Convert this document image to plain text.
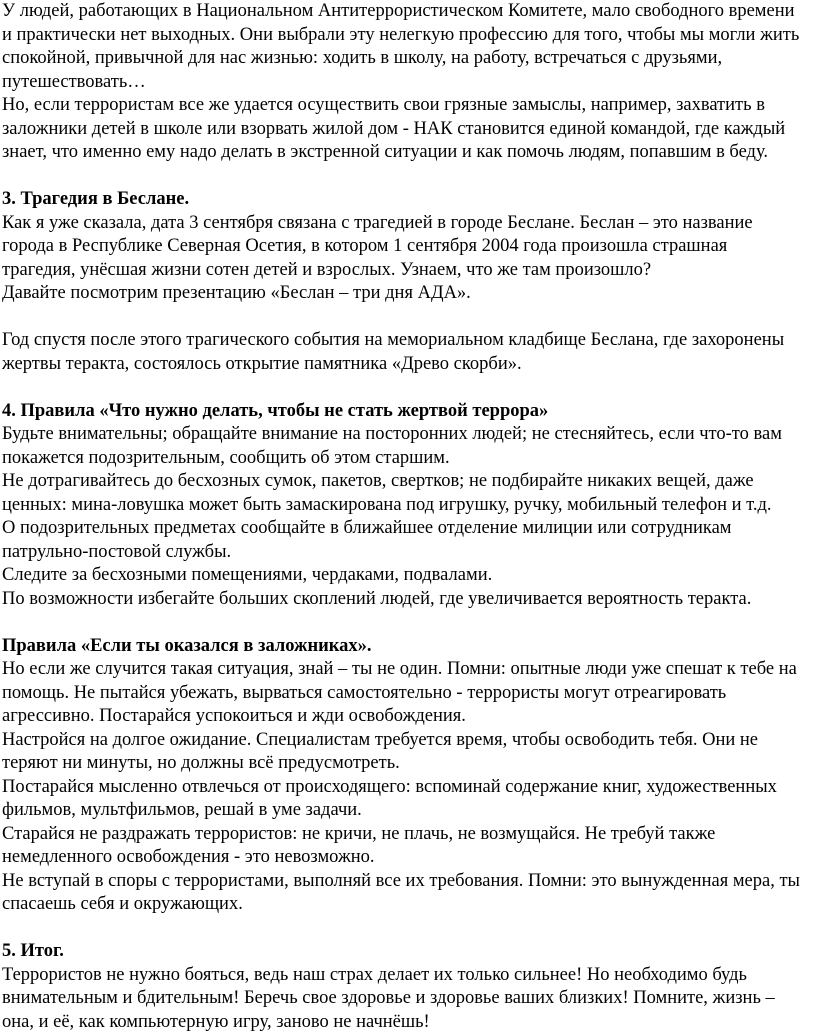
У людей, работающих в Национальном Антитеррористическом Комитете, мало свободного времени
и практически нет выходных. Они выбрали эту нелегкую профессию для того, чтобы мы могли жить
спокойной, привычной для нас жизнью: ходить в школу, на работу, встречаться с друзьями,
путешествовать…
Но, если террористам все же удается осуществить свои грязные замыслы, например, захватить в
заложники детей в школе или взорвать жилой дом - НАК становится единой командой, где каждый
знает, что именно ему надо делать в экстренной ситуации и как помочь людям, попавшим в беду.
3. Трагедия в Беслане.
Как я уже сказала, дата 3 сентября связана с трагедией в городе Беслане. Беслан – это название
города в Республике Северная Осетия, в котором 1 сентября 2004 года произошла страшная
трагедия, унёсшая жизни сотен детей и взрослых. Узнаем, что же там произошло?
Давайте посмотрим презентацию «Беслан – три дня АДА».
Год спустя после этого трагического события на мемориальном кладбище Беслана, где захоронены
жертвы теракта, состоялось открытие памятника «Древо скорби».
4. Правила «Что нужно делать, чтобы не стать жертвой террора»
Будьте внимательны; обращайте внимание на посторонних людей; не стесняйтесь, если что-то вам
покажется подозрительным, сообщить об этом старшим.
Не дотрагивайтесь до бесхозных сумок, пакетов, свертков; не подбирайте никаких вещей, даже
ценных: мина-ловушка может быть замаскирована под игрушку, ручку, мобильный телефон и т.д.
О подозрительных предметах сообщайте в ближайшее отделение милиции или сотрудникам
патрульно-постовой службы.
Следите за бесхозными помещениями, чердаками, подвалами.
По возможности избегайте больших скоплений людей, где увеличивается вероятность теракта.
Правила «Если ты оказался в заложниках».
Но если же случится такая ситуация, знай – ты не один. Помни: опытные люди уже спешат к тебе на
помощь. Не пытайся убежать, вырваться самостоятельно - террористы могут отреагировать
агрессивно. Постарайся успокоиться и жди освобождения.
Настройся на долгое ожидание. Специалистам требуется время, чтобы освободить тебя. Они не
теряют ни минуты, но должны всё предусмотреть.
Постарайся мысленно отвлечься от происходящего: вспоминай содержание книг, художественных
фильмов, мультфильмов, решай в уме задачи.
Старайся не раздражать террористов: не кричи, не плачь, не возмущайся. Не требуй также
немедленного освобождения - это невозможно.
Не вступай в споры с террористами, выполняй все их требования. Помни: это вынужденная мера, ты
спасаешь себя и окружающих.
5. Итог.
Террористов не нужно бояться, ведь наш страх делает их только сильнее! Но необходимо будь
внимательным и бдительным! Беречь свое здоровье и здоровье ваших близких! Помните, жизнь –
она, и её, как компьютерную игру, заново не начнёшь!
